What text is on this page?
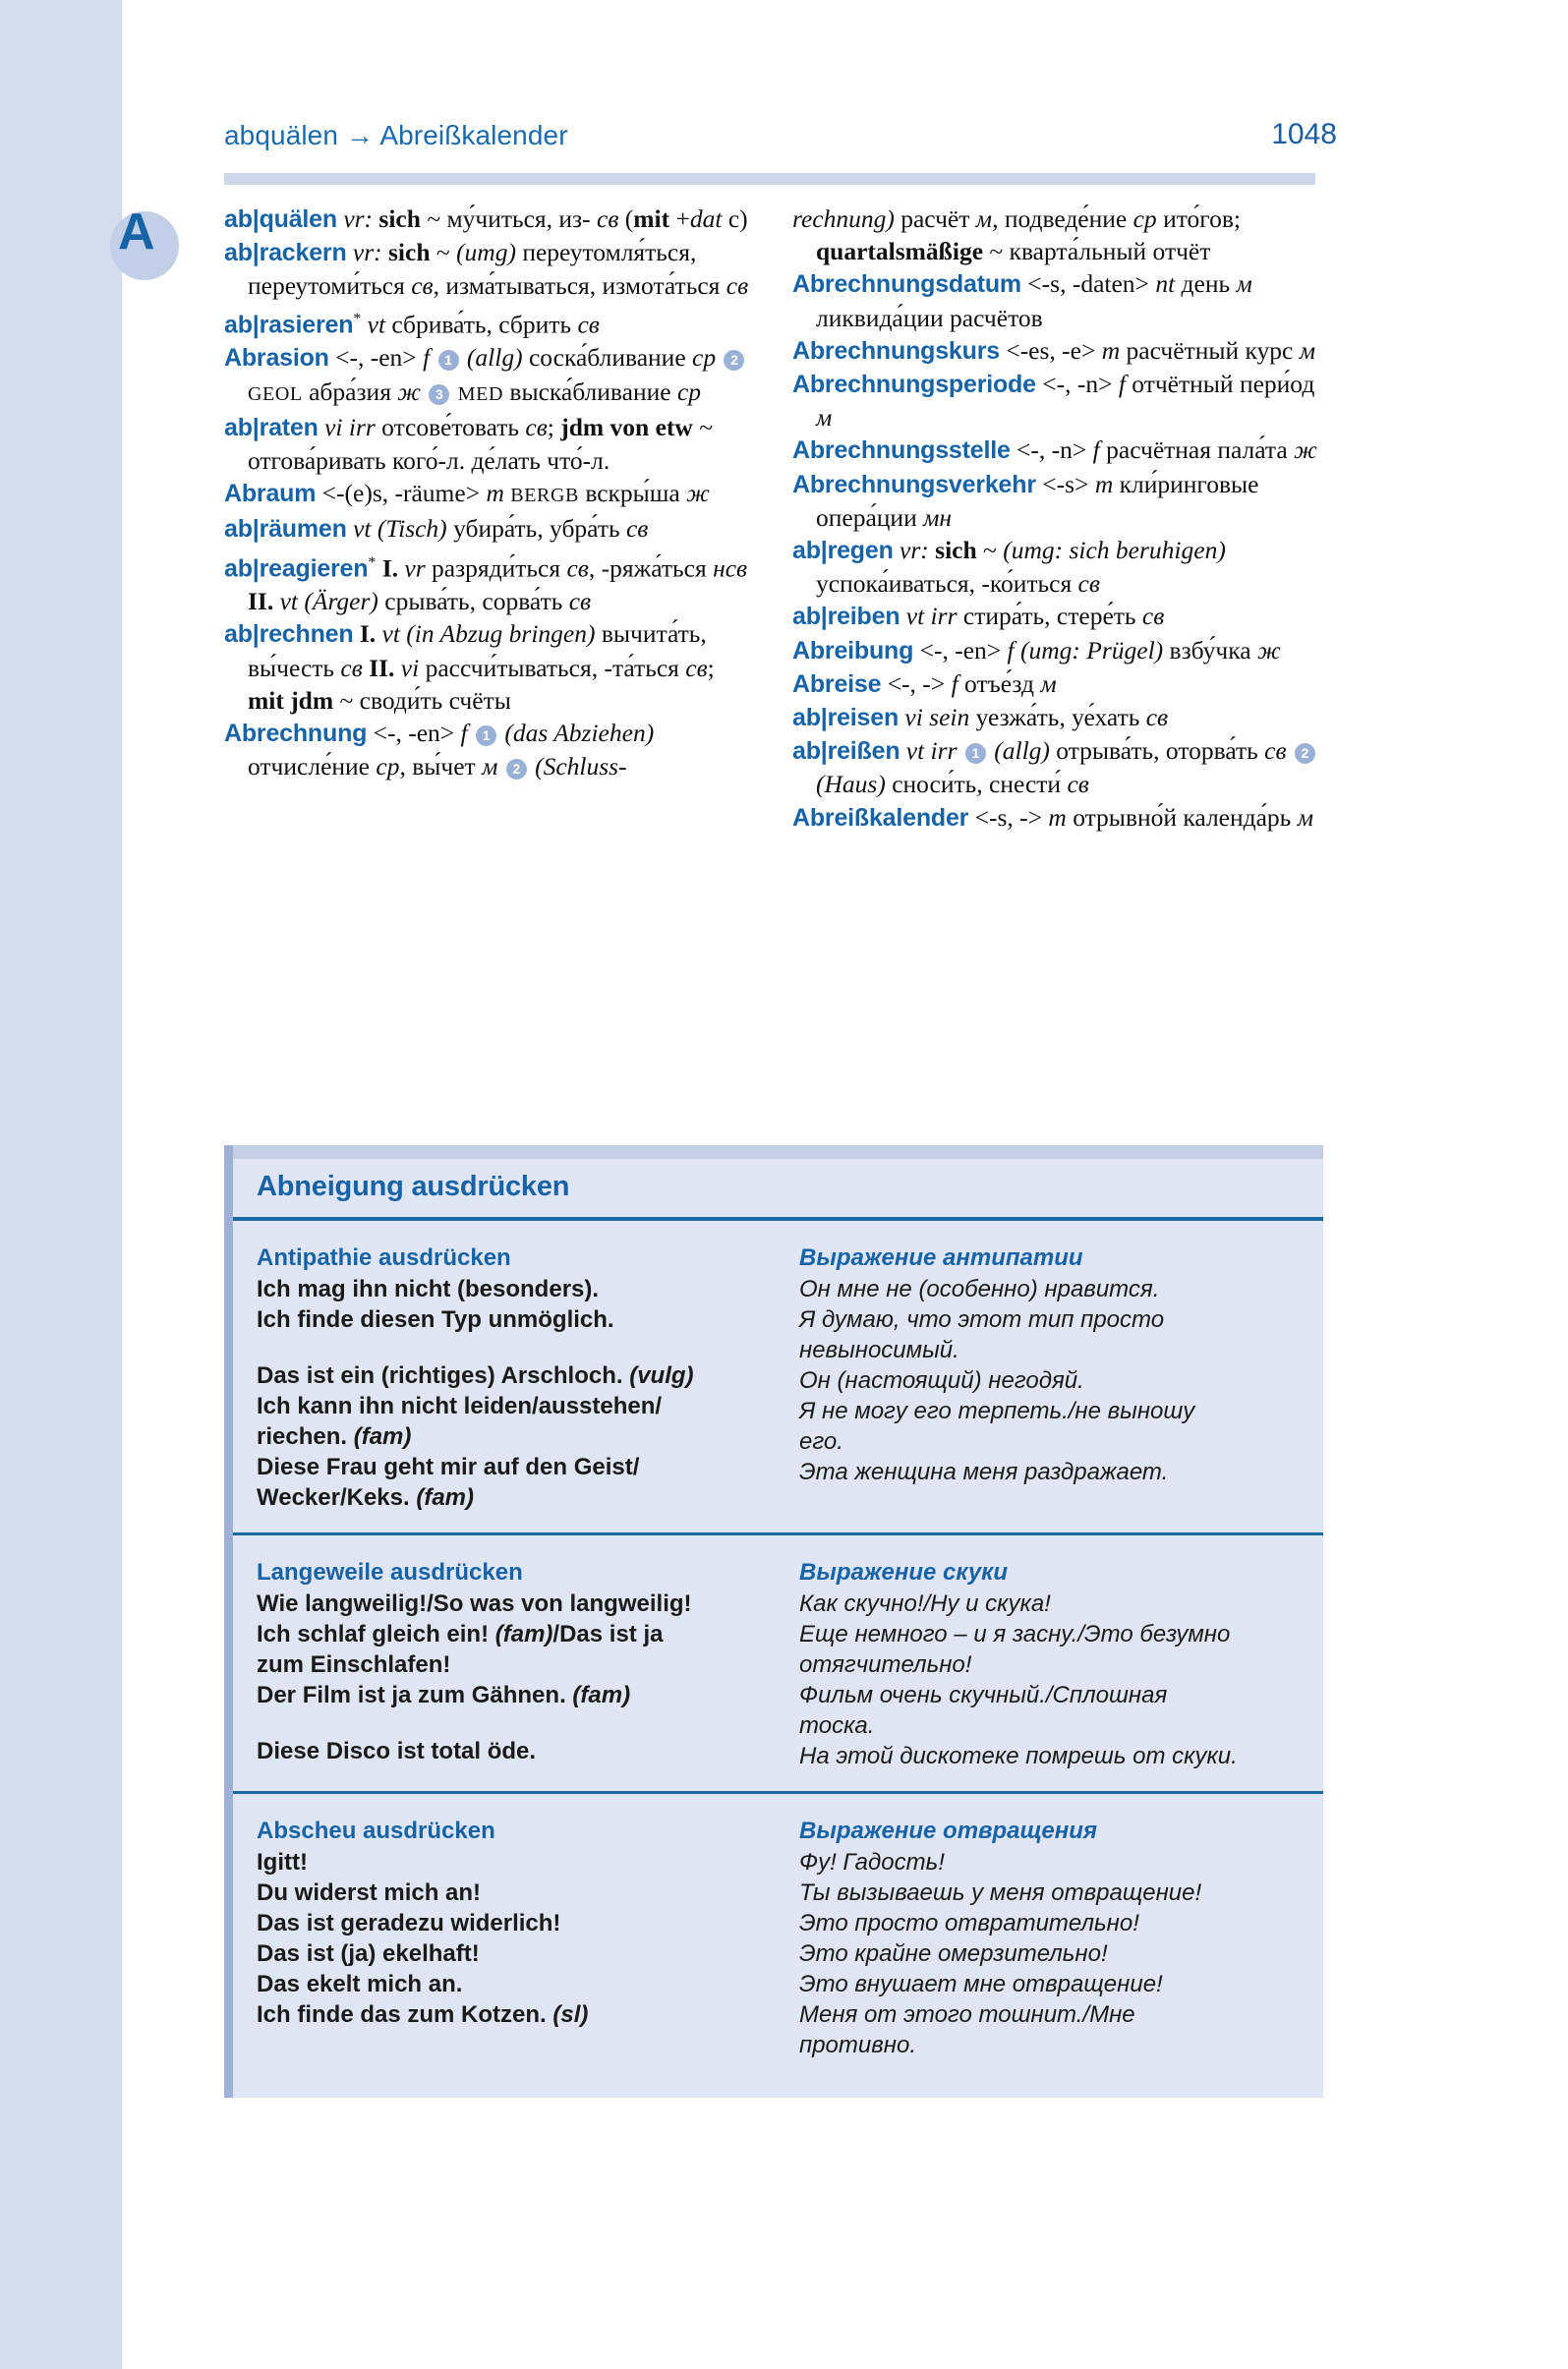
A
abquälen → Abreißkalender	1048

ab|quälen vr: sich ~ му́читься, из- св (mit +dat c)

ab|rackern vr: sich ~ (umg) переутомля́ться, переутоми́ться св, изма́тываться, измота́ться св

ab|rasieren* vt сбрива́ть, сбрить св

Abrasion <-, -en> f 1 (allg) соска́бливание ср 2 GEOL абра́зия ж 3 MED выска́бливание ср

ab|raten vi irr отсове́товать св; jdm von etw ~ отгова́ривать кого́-л. де́лать что́-л.

Abraum <-(e)s, -räume> m BERGB вскры́ша ж

ab|räumen vt (Tisch) убира́ть, убра́ть св

ab|reagieren* I. vr разряди́ться св, -ряжа́ться нсв II. vt (Ärger) срыва́ть, сорва́ть св

ab|rechnen I. vt (in Abzug bringen) вычита́ть, вы́честь св II. vi рассчи́тываться, -та́ться св; mit jdm ~ своди́ть счёты

Abrechnung <-, -en> f 1 (das Abziehen) отчисле́ние ср, вы́чет м 2 (Schluss-

rechnung) расчёт м, подведе́ние ср ито́гов; quartalsmäßige ~ кварта́льный отчёт

Abrechnungsdatum <-s, -daten> nt день м ликвида́ции расчётов

Abrechnungskurs <-es, -e> m расчётный курс м

Abrechnungsperiode <-, -n> f отчётный пери́од м

Abrechnungsstelle <-, -n> f расчётная пала́та ж

Abrechnungsverkehr <-s> m кли́ринговые опера́ции мн

ab|regen vr: sich ~ (umg: sich beruhigen) успока́иваться, -ко́иться св

ab|reiben vt irr стира́ть, стере́ть св

Abreibung <-, -en> f (umg: Prügel) взбу́чка ж

Abreise <-, -> f отъе́зд м

ab|reisen vi sein уезжа́ть, уе́хать св

ab|reißen vt irr 1 (allg) отрыва́ть, оторва́ть св 2 (Haus) сноси́ть, снести́ св

Abreißkalender <-s, -> m отрывно́й календа́рь м

Abneigung ausdrücken
Antipathie ausdrücken
Ich mag ihn nicht (besonders).
Ich finde diesen Typ unmöglich.
Das ist ein (richtiges) Arschloch. (vulg)
Ich kann ihn nicht leiden/ausstehen/
riechen. (fam)
Diese Frau geht mir auf den Geist/
Wecker/Keks. (fam)
Выражение антипатии
Он мне не (особенно) нравится.
Я думаю, что этот тип просто
невыносимый.
Он (настоящий) негодяй.
Я не могу его терпеть./не выношу
его.
Эта женщина меня раздражает.
Langeweile ausdrücken
Wie langweilig!/So was von langweilig!
Ich schlaf gleich ein! (fam)/Das ist ja
zum Einschlafen!
Der Film ist ja zum Gähnen. (fam)
Diese Disco ist total öde.
Выражение скуки
Как скучно!/Ну и скука!
Еще немного – и я засну./Это безумно
отягчительно!
Фильм очень скучный./Сплошная
тоска.
На этой дискотеке помрешь от скуки.
Abscheu ausdrücken
Igitt!
Du widerst mich an!
Das ist geradezu widerlich!
Das ist (ja) ekelhaft!
Das ekelt mich an.
Ich finde das zum Kotzen. (sl)
Выражение отвращения
Фу! Гадость!
Ты вызываешь у меня отвращение!
Это просто отвратительно!
Это крайне омерзительно!
Это внушает мне отвращение!
Меня от этого тошнит./Мне
противно.
